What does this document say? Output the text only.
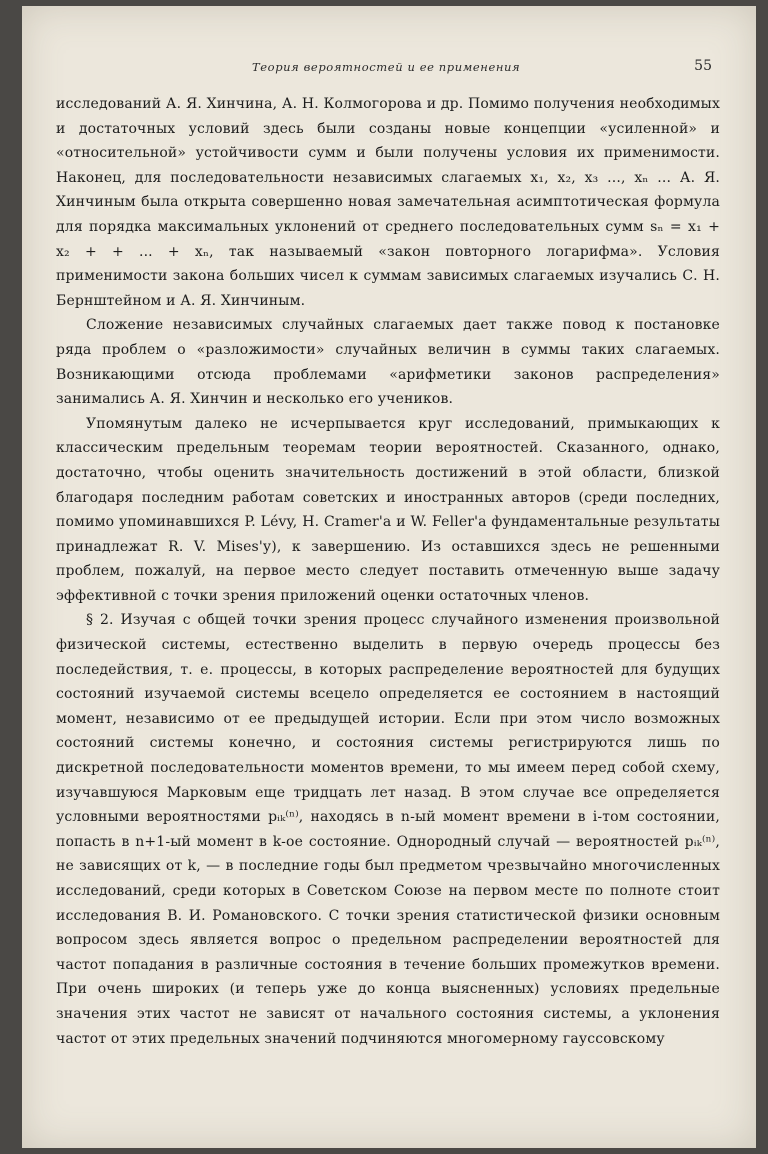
Теория вероятностей и ее применения	55

исследований А. Я. Хинчина, А. Н. Колмогорова и др. Помимо получения необходимых и достаточных условий здесь были созданы новые концепции «усиленной» и «относительной» устойчивости сумм и были получены условия их применимости. Наконец, для последовательности независимых слагаемых x₁, x₂, x₃ ..., xₙ ... А. Я. Хинчиным была открыта совершенно новая замечательная асимптотическая формула для порядка максимальных уклонений от среднего последовательных сумм sₙ = x₁ + x₂ + + ... + xₙ, так называемый «закон повторного логарифма». Условия применимости закона больших чисел к суммам зависимых слагаемых изучались С. Н. Бернштейном и А. Я. Хинчиным.

Сложение независимых случайных слагаемых дает также повод к постановке ряда проблем о «разложимости» случайных величин в суммы таких слагаемых. Возникающими отсюда проблемами «арифметики законов распределения» занимались А. Я. Хинчин и несколько его учеников.

Упомянутым далеко не исчерпывается круг исследований, примыкающих к классическим предельным теоремам теории вероятностей. Сказанного, однако, достаточно, чтобы оценить значительность достижений в этой области, близкой благодаря последним работам советских и иностранных авторов (среди последних, помимо упоминавшихся P. Lévy, H. Cramer'а и W. Feller'а фундаментальные результаты принадлежат R. V. Mises'у), к завершению. Из оставшихся здесь не решенными проблем, пожалуй, на первое место следует поставить отмеченную выше задачу эффективной с точки зрения приложений оценки остаточных членов.

§ 2. Изучая с общей точки зрения процесс случайного изменения произвольной физической системы, естественно выделить в первую очередь процессы без последействия, т. е. процессы, в которых распределение вероятностей для будущих состояний изучаемой системы всецело определяется ее состоянием в настоящий момент, независимо от ее предыдущей истории. Если при этом число возможных состояний системы конечно, и состояния системы регистрируются лишь по дискретной последовательности моментов времени, то мы имеем перед собой схему, изучавшуюся Марковым еще тридцать лет назад. В этом случае все определяется условными вероятностями pᵢₖ⁽ⁿ⁾, находясь в n-ый момент времени в i-том состоянии, попасть в n+1-ый момент в k-ое состояние. Однородный случай — вероятностей pᵢₖ⁽ⁿ⁾, не зависящих от k, — в последние годы был предметом чрезвычайно многочисленных исследований, среди которых в Советском Союзе на первом месте по полноте стоит исследования В. И. Романовского. С точки зрения статистической физики основным вопросом здесь является вопрос о предельном распределении вероятностей для частот попадания в различные состояния в течение больших промежутков времени. При очень широких (и теперь уже до конца выясненных) условиях предельные значения этих частот не зависят от начального состояния системы, а уклонения частот от этих предельных значений подчиняются многомерному гауссовскому
